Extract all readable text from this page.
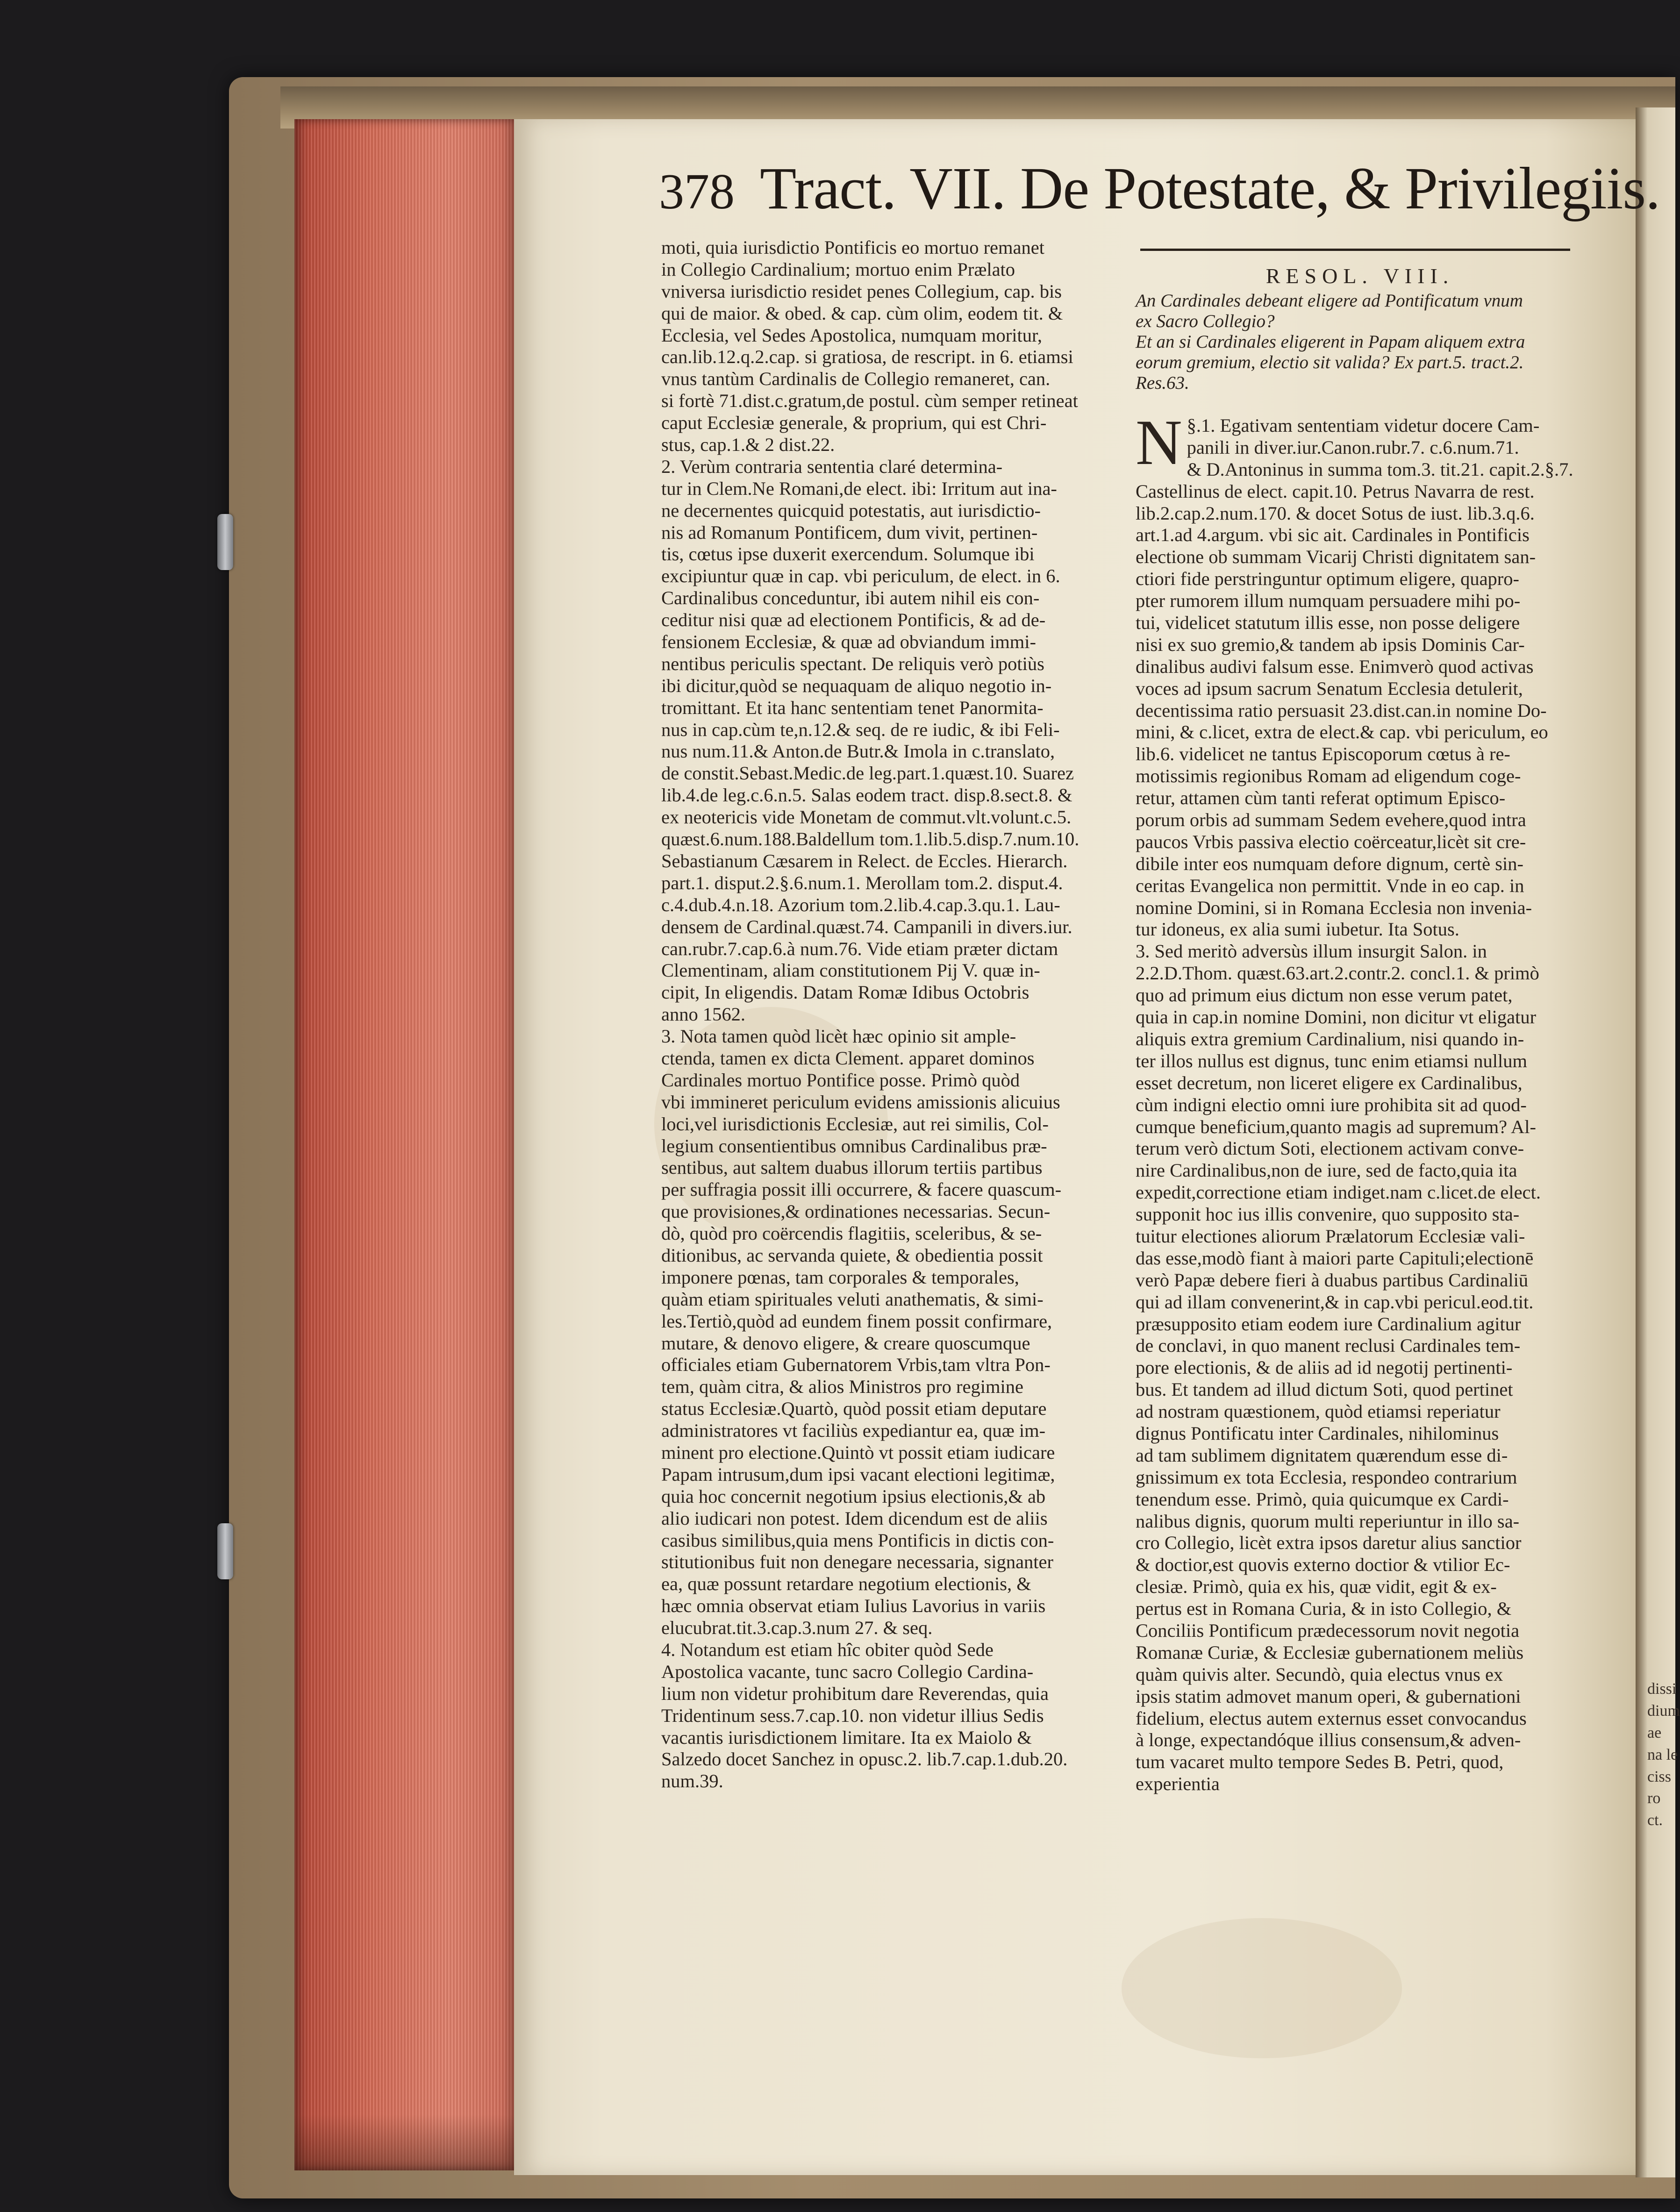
dissi
dium
ae
na le
ciss
ro
ct.
378 Tract. VII. De Potestate, & Privilegiis.
moti, quia iurisdictio Pontificis eo mortuo remanet
in Collegio Cardinalium; mortuo enim Prælato
vniversa iurisdictio residet penes Collegium, cap. bis
qui de maior. & obed. & cap. cùm olim, eodem tit. &
Ecclesia, vel Sedes Apostolica, numquam moritur,
can.lib.12.q.2.cap. si gratiosa, de rescript. in 6. etiamsi
vnus tantùm Cardinalis de Collegio remaneret, can.
si fortè 71.dist.c.gratum,de postul. cùm semper retineat
caput Ecclesiæ generale, & proprium, qui est Chri-
stus, cap.1.& 2 dist.22.
2. Verùm contraria sententia claré determina-
tur in Clem.Ne Romani,de elect. ibi: Irritum aut ina-
ne decernentes quicquid potestatis, aut iurisdictio-
nis ad Romanum Pontificem, dum vivit, pertinen-
tis, cœtus ipse duxerit exercendum. Solumque ibi
excipiuntur quæ in cap. vbi periculum, de elect. in 6.
Cardinalibus conceduntur, ibi autem nihil eis con-
ceditur nisi quæ ad electionem Pontificis, & ad de-
fensionem Ecclesiæ, & quæ ad obviandum immi-
nentibus periculis spectant. De reliquis verò potiùs
ibi dicitur,quòd se nequaquam de aliquo negotio in-
tromittant. Et ita hanc sententiam tenet Panormita-
nus in cap.cùm te,n.12.& seq. de re iudic, & ibi Feli-
nus num.11.& Anton.de Butr.& Imola in c.translato,
de constit.Sebast.Medic.de leg.part.1.quæst.10. Suarez
lib.4.de leg.c.6.n.5. Salas eodem tract. disp.8.sect.8. &
ex neotericis vide Monetam de commut.vlt.volunt.c.5.
quæst.6.num.188.Baldellum tom.1.lib.5.disp.7.num.10.
Sebastianum Cæsarem in Relect. de Eccles. Hierarch.
part.1. disput.2.§.6.num.1. Merollam tom.2. disput.4.
c.4.dub.4.n.18. Azorium tom.2.lib.4.cap.3.qu.1. Lau-
densem de Cardinal.quæst.74. Campanili in divers.iur.
can.rubr.7.cap.6.à num.76. Vide etiam præter dictam
Clementinam, aliam constitutionem Pij V. quæ in-
cipit, In eligendis. Datam Romæ Idibus Octobris
anno 1562.
3. Nota tamen quòd licèt hæc opinio sit ample-
ctenda, tamen ex dicta Clement. apparet dominos
Cardinales mortuo Pontifice posse. Primò quòd
vbi immineret periculum evidens amissionis alicuius
loci,vel iurisdictionis Ecclesiæ, aut rei similis, Col-
legium consentientibus omnibus Cardinalibus præ-
sentibus, aut saltem duabus illorum tertiis partibus
per suffragia possit illi occurrere, & facere quascum-
que provisiones,& ordinationes necessarias. Secun-
dò, quòd pro coërcendis flagitiis, sceleribus, & se-
ditionibus, ac servanda quiete, & obedientia possit
imponere pœnas, tam corporales & temporales,
quàm etiam spirituales veluti anathematis, & simi-
les.Tertiò,quòd ad eundem finem possit confirmare,
mutare, & denovo eligere, & creare quoscumque
officiales etiam Gubernatorem Vrbis,tam vltra Pon-
tem, quàm citra, & alios Ministros pro regimine
status Ecclesiæ.Quartò, quòd possit etiam deputare
administratores vt faciliùs expediantur ea, quæ im-
minent pro electione.Quintò vt possit etiam iudicare
Papam intrusum,dum ipsi vacant electioni legitimæ,
quia hoc concernit negotium ipsius electionis,& ab
alio iudicari non potest. Idem dicendum est de aliis
casibus similibus,quia mens Pontificis in dictis con-
stitutionibus fuit non denegare necessaria, signanter
ea, quæ possunt retardare negotium electionis, &
hæc omnia observat etiam Iulius Lavorius in variis
elucubrat.tit.3.cap.3.num 27. & seq.
4. Notandum est etiam hîc obiter quòd Sede
Apostolica vacante, tunc sacro Collegio Cardina-
lium non videtur prohibitum dare Reverendas, quia
Tridentinum sess.7.cap.10. non videtur illius Sedis
vacantis iurisdictionem limitare. Ita ex Maiolo &
Salzedo docet Sanchez in opusc.2. lib.7.cap.1.dub.20.
num.39.
RESOL. VIII.
An Cardinales debeant eligere ad Pontificatum vnum
ex Sacro Collegio?
Et an si Cardinales eligerent in Papam aliquem extra
eorum gremium, electio sit valida? Ex part.5. tract.2.
Res.63.
§.1.
N Egativam sententiam videtur docere Cam-
panili in diver.iur.Canon.rubr.7. c.6.num.71.
& D.Antoninus in summa tom.3. tit.21. capit.2.§.7.
Castellinus de elect. capit.10. Petrus Navarra de rest.
lib.2.cap.2.num.170. & docet Sotus de iust. lib.3.q.6.
art.1.ad 4.argum. vbi sic ait. Cardinales in Pontificis
electione ob summam Vicarij Christi dignitatem san-
ctiori fide perstringuntur optimum eligere, quapro-
pter rumorem illum numquam persuadere mihi po-
tui, videlicet statutum illis esse, non posse deligere
nisi ex suo gremio,& tandem ab ipsis Dominis Car-
dinalibus audivi falsum esse. Enimverò quod activas
voces ad ipsum sacrum Senatum Ecclesia detulerit,
decentissima ratio persuasit 23.dist.can.in nomine Do-
mini, & c.licet, extra de elect.& cap. vbi periculum, eo
lib.6. videlicet ne tantus Episcoporum cœtus à re-
motissimis regionibus Romam ad eligendum coge-
retur, attamen cùm tanti referat optimum Episco-
porum orbis ad summam Sedem evehere,quod intra
paucos Vrbis passiva electio coërceatur,licèt sit cre-
dibile inter eos numquam defore dignum, certè sin-
ceritas Evangelica non permittit. Vnde in eo cap. in
nomine Domini, si in Romana Ecclesia non invenia-
tur idoneus, ex alia sumi iubetur. Ita Sotus.
3. Sed meritò adversùs illum insurgit Salon. in
2.2.D.Thom. quæst.63.art.2.contr.2. concl.1. & primò
quo ad primum eius dictum non esse verum patet,
quia in cap.in nomine Domini, non dicitur vt eligatur
aliquis extra gremium Cardinalium, nisi quando in-
ter illos nullus est dignus, tunc enim etiamsi nullum
esset decretum, non liceret eligere ex Cardinalibus,
cùm indigni electio omni iure prohibita sit ad quod-
cumque beneficium,quanto magis ad supremum? Al-
terum verò dictum Soti, electionem activam conve-
nire Cardinalibus,non de iure, sed de facto,quia ita
expedit,correctione etiam indiget.nam c.licet.de elect.
supponit hoc ius illis convenire, quo supposito sta-
tuitur electiones aliorum Prælatorum Ecclesiæ vali-
das esse,modò fiant à maiori parte Capituli;electionē
verò Papæ debere fieri à duabus partibus Cardinaliū
qui ad illam convenerint,& in cap.vbi pericul.eod.tit.
præsupposito etiam eodem iure Cardinalium agitur
de conclavi, in quo manent reclusi Cardinales tem-
pore electionis, & de aliis ad id negotij pertinenti-
bus. Et tandem ad illud dictum Soti, quod pertinet
ad nostram quæstionem, quòd etiamsi reperiatur
dignus Pontificatu inter Cardinales, nihilominus
ad tam sublimem dignitatem quærendum esse di-
gnissimum ex tota Ecclesia, respondeo contrarium
tenendum esse. Primò, quia quicumque ex Cardi-
nalibus dignis, quorum multi reperiuntur in illo sa-
cro Collegio, licèt extra ipsos daretur alius sanctior
& doctior,est quovis externo doctior & vtilior Ec-
clesiæ. Primò, quia ex his, quæ vidit, egit & ex-
pertus est in Romana Curia, & in isto Collegio, &
Conciliis Pontificum prædecessorum novit negotia
Romanæ Curiæ, & Ecclesiæ gubernationem meliùs
quàm quivis alter. Secundò, quia electus vnus ex
ipsis statim admovet manum operi, & gubernationi
fidelium, electus autem externus esset convocandus
à longe, expectandóque illius consensum,& adven-
tum vacaret multo tempore Sedes B. Petri, quod,
experientia
